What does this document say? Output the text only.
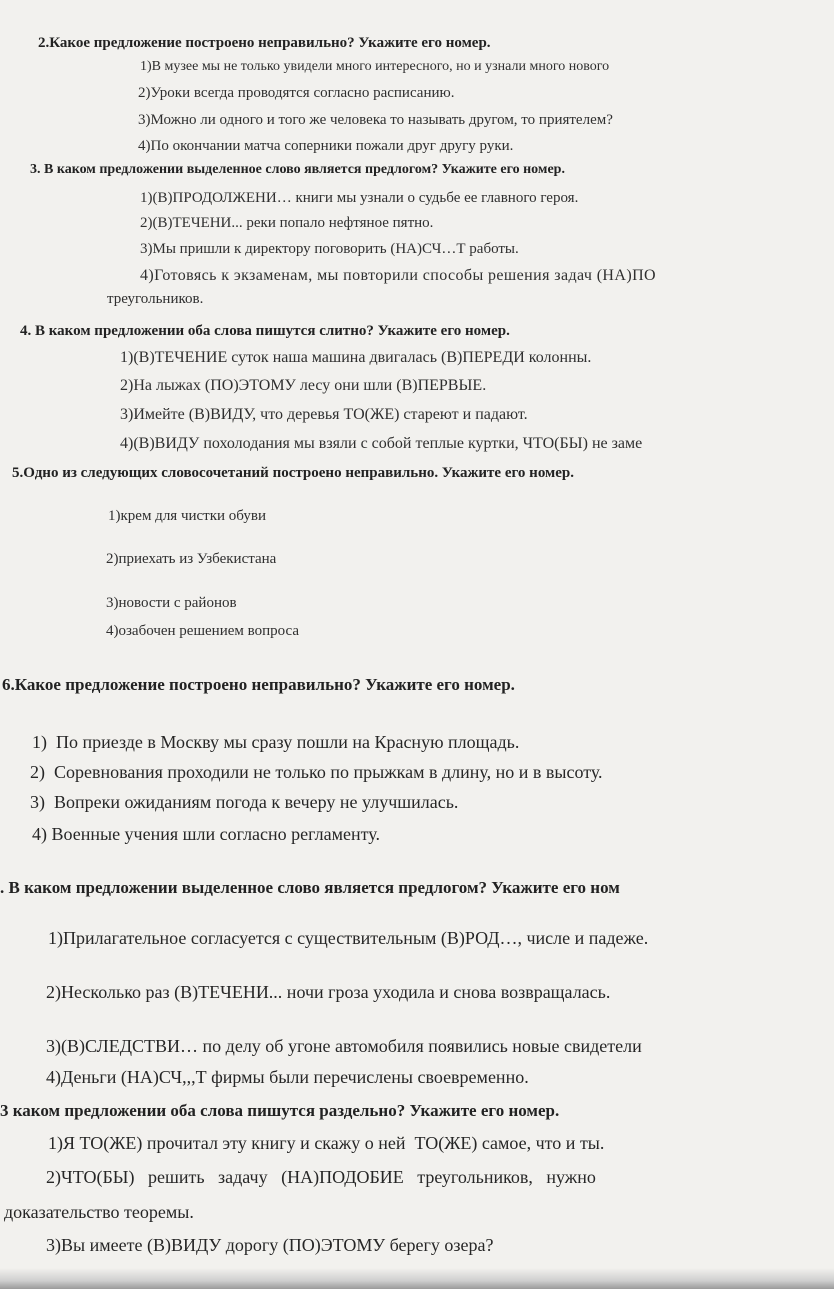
2.Какое предложение построено неправильно? Укажите его номер.
1)В музее мы не только увидели много интересного, но и узнали много нового
2)Уроки всегда проводятся согласно расписанию.
3)Можно ли одного и того же человека то называть другом, то приятелем?
4)По окончании матча соперники пожали друг другу руки.
3. В каком предложении выделенное слово является предлогом? Укажите его номер.
1)(В)ПРОДОЛЖЕНИ… книги мы узнали о судьбе ее главного героя.
2)(В)ТЕЧЕНИ... реки попало нефтяное пятно.
3)Мы пришли к директору поговорить (НА)СЧ…Т работы.
4)Готовясь к экзаменам, мы повторили способы решения задач (НА)ПО
треугольников.
4. В каком предложении оба слова пишутся слитно? Укажите его номер.
1)(В)ТЕЧЕНИЕ суток наша машина двигалась (В)ПЕРЕДИ колонны.
2)На лыжах (ПО)ЭТОМУ лесу они шли (В)ПЕРВЫЕ.
3)Имейте (В)ВИДУ, что деревья ТО(ЖЕ) стареют и падают.
4)(В)ВИДУ похолодания мы взяли с собой теплые куртки, ЧТО(БЫ) не заме
5.Одно из следующих словосочетаний построено неправильно. Укажите его номер.
1)крем для чистки обуви
2)приехать из Узбекистана
3)новости с районов
4)озабочен решением вопроса
6.Какое предложение построено неправильно? Укажите его номер.
1)  По приезде в Москву мы сразу пошли на Красную площадь.
2)  Соревнования проходили не только по прыжкам в длину, но и в высоту.
3)  Вопреки ожиданиям погода к вечеру не улучшилась.
4) Военные учения шли согласно регламенту.
. В каком предложении выделенное слово является предлогом? Укажите его ном
1)Прилагательное согласуется с существительным (В)РОД…, числе и падеже.
2)Несколько раз (В)ТЕЧЕНИ... ночи гроза уходила и снова возвращалась.
3)(В)СЛЕДСТВИ… по делу об угоне автомобиля появились новые свидетели
4)Деньги (НА)СЧ,,,Т фирмы были перечислены своевременно.
3 каком предложении оба слова пишутся раздельно? Укажите его номер.
1)Я ТО(ЖЕ) прочитал эту книгу и скажу о ней  ТО(ЖЕ) самое, что и ты.
2)ЧТО(БЫ)   решить   задачу   (НА)ПОДОБИЕ   треугольников,   нужно
доказательство теоремы.
3)Вы имеете (В)ВИДУ дорогу (ПО)ЭТОМУ берегу озера?
